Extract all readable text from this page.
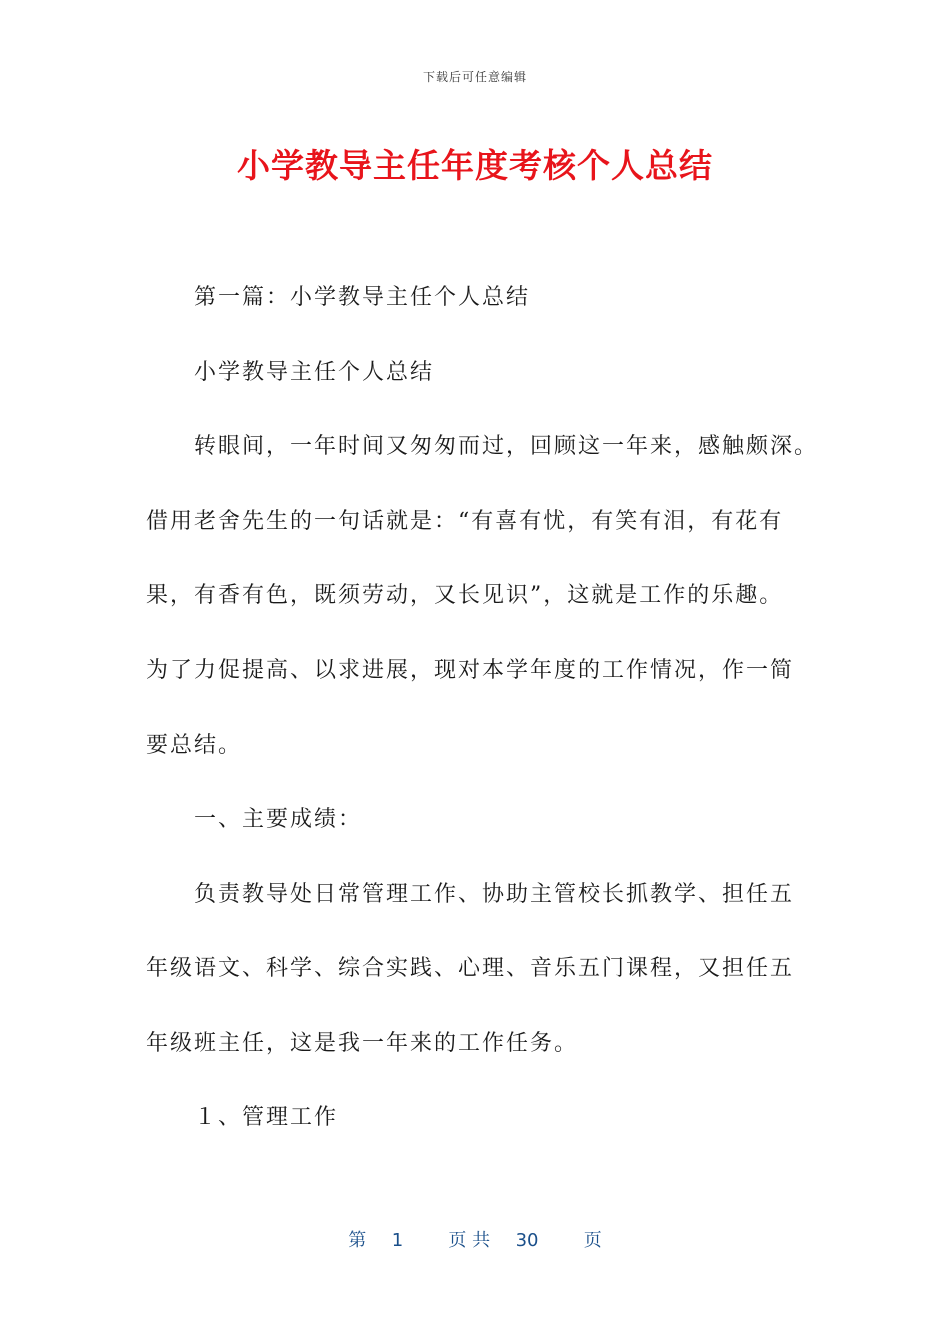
下载后可任意编辑
小学教导主任年度考核个人总结
第一篇：小学教导主任个人总结
小学教导主任个人总结
转眼间，一年时间又匆匆而过，回顾这一年来，感触颇深。
借用老舍先生的一句话就是：“有喜有忧，有笑有泪，有花有
果，有香有色，既须劳动，又长见识”，这就是工作的乐趣。
为了力促提高、以求进展，现对本学年度的工作情况，作一简
要总结。
一、主要成绩：
负责教导处日常管理工作、协助主管校长抓教学、担任五
年级语文、科学、综合实践、心理、音乐五门课程，又担任五
年级班主任，这是我一年来的工作任务。
１、管理工作
第 1	页 共 30	页
